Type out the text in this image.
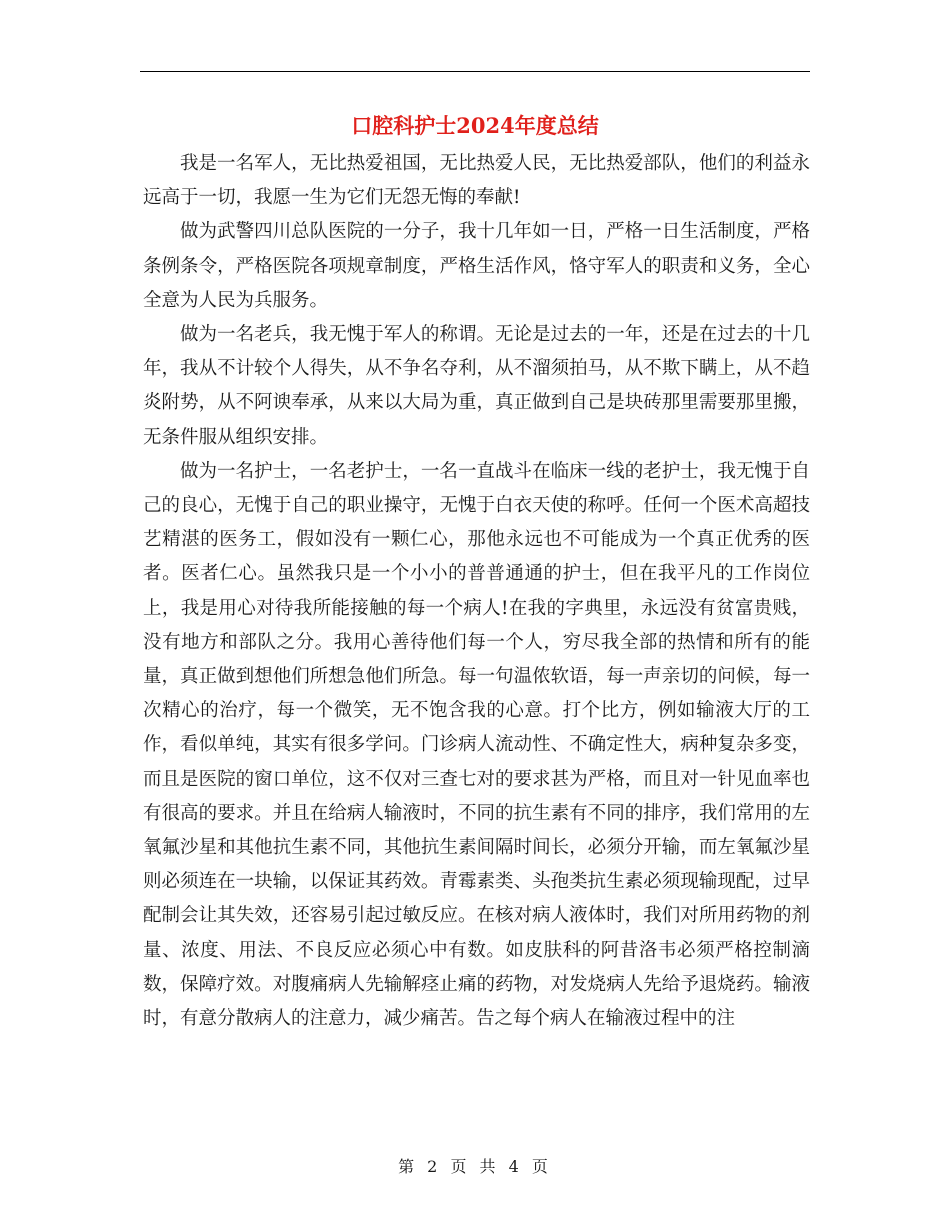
口腔科护士2024年度总结

我是一名军人，无比热爱祖国，无比热爱人民，无比热爱部队，他们的利益永远高于一切，我愿一生为它们无怨无悔的奉献!

做为武警四川总队医院的一分子，我十几年如一日，严格一日生活制度，严格条例条令，严格医院各项规章制度，严格生活作风，恪守军人的职责和义务，全心全意为人民为兵服务。

做为一名老兵，我无愧于军人的称谓。无论是过去的一年，还是在过去的十几年，我从不计较个人得失，从不争名夺利，从不溜须拍马，从不欺下瞒上，从不趋炎附势，从不阿谀奉承，从来以大局为重，真正做到自己是块砖那里需要那里搬，无条件服从组织安排。

做为一名护士，一名老护士，一名一直战斗在临床一线的老护士，我无愧于自己的良心，无愧于自己的职业操守，无愧于白衣天使的称呼。任何一个医术高超技艺精湛的医务工，假如没有一颗仁心，那他永远也不可能成为一个真正优秀的医者。医者仁心。虽然我只是一个小小的普普通通的护士，但在我平凡的工作岗位上，我是用心对待我所能接触的每一个病人!在我的字典里，永远没有贫富贵贱，没有地方和部队之分。我用心善待他们每一个人，穷尽我全部的热情和所有的能量，真正做到想他们所想急他们所急。每一句温侬软语，每一声亲切的问候，每一次精心的治疗，每一个微笑，无不饱含我的心意。打个比方，例如输液大厅的工作，看似单纯，其实有很多学问。门诊病人流动性、不确定性大，病种复杂多变，而且是医院的窗口单位，这不仅对三查七对的要求甚为严格，而且对一针见血率也有很高的要求。并且在给病人输液时，不同的抗生素有不同的排序，我们常用的左氧氟沙星和其他抗生素不同，其他抗生素间隔时间长，必须分开输，而左氧氟沙星则必须连在一块输，以保证其药效。青霉素类、头孢类抗生素必须现输现配，过早配制会让其失效，还容易引起过敏反应。在核对病人液体时，我们对所用药物的剂量、浓度、用法、不良反应必须心中有数。如皮肤科的阿昔洛韦必须严格控制滴数，保障疗效。对腹痛病人先输解痉止痛的药物，对发烧病人先给予退烧药。输液时，有意分散病人的注意力，减少痛苦。告之每个病人在输液过程中的注

第 2 页 共 4 页
